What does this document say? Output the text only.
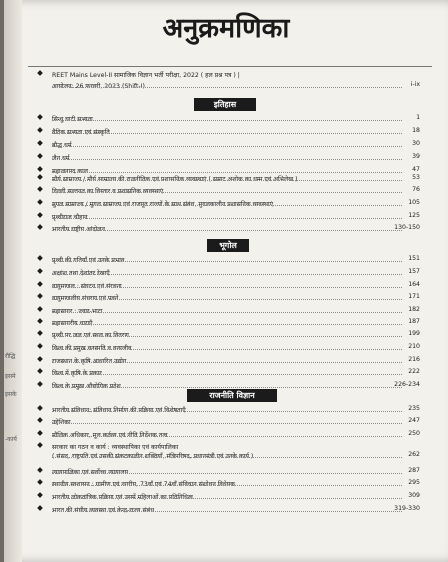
रौद्धि
इसमे
इसके
-कार्य
अनुक्रमणिका
REET Mains Level-II सामाजिक विज्ञान भर्ती परीक्षा, 2022 ( हल प्रश्न पत्र ) |
आयोजन: 26 फरवरी, 2023 (Shift-I)	i-ix
इतिहास
सिन्धु घाटी सभ्यता	1
वैदिक सभ्यता एवं संस्कृति	18
बौद्ध धर्म	30
जैन धर्म	39
महाजनपद काल	47
मौर्य साम्राज्य / मौर्य साम्राज्य की राजनीतिक एवं प्रशासनिक व्यवस्थाएं ( सम्राट अशोक का धम्म एवं अभिलेख )	53
दिल्ली सल्तनत का विस्तार व प्रशासनिक व्यवस्थाएं	76
मुगल साम्राज्य / मुगल साम्राज्य एवं राजपूत राज्यों के साथ संबंध, मुगलकालीन प्रशासनिक व्यवस्थाएं	105
पृथ्वीराज चौहान	125
भारतीय राष्ट्रीय आंदोलन	130-150
भूगोल
पृथ्वी की गतियाँ एवं उनके प्रभाव	151
अक्षांश तथा देशांतर रेखाएँ	157
वायुमण्डल : संघटन एवं संरचना	164
वायुमण्डलीय संचरण एवं पवनें	171
महासागर : ज्वार-भाटा	182
महासागरीय धाराएँ	187
पृथ्वी पर जल एवं स्थल का वितरण	199
विश्व की प्रमुख वनस्पति व वन्यजीव	210
राजस्थान के कृषि आधारित उद्योग	216
विश्व में कृषि के प्रकार	222
विश्व के प्रमुख औद्योगिक प्रदेश	226-234
राजनीति विज्ञान
भारतीय संविधान: संविधान निर्माण की प्रक्रिया एवं विशेषताएँ	235
उद्देशिका	247
मौलिक अधिकार, मूल कर्तव्य एवं नीति निर्देशक तत्व	250
सरकार का गठन व कार्य : व्यवस्थापिका एवं कार्यपालिका
( संसद, राष्ट्रपति एवं उसकी संकटकालीन शक्तियाँ, मंत्रिपरिषद, प्रधानमंत्री एवं उनके कार्य )	262
न्यायपालिका एवं सर्वोच्च न्यायालय	287
स्थानीय स्वशासन : ग्रामीण एवं नगरीय, 73वाँ एवं 74वाँ संविधान संशोधन विधेयक	295
भारतीय लोकतांत्रिक प्रक्रिया एवं उसमें महिलाओं का प्रतिनिधित्व	309
भारत की संघीय व्यवस्था एवं केन्द्र-राज्य संबंध	319-330
